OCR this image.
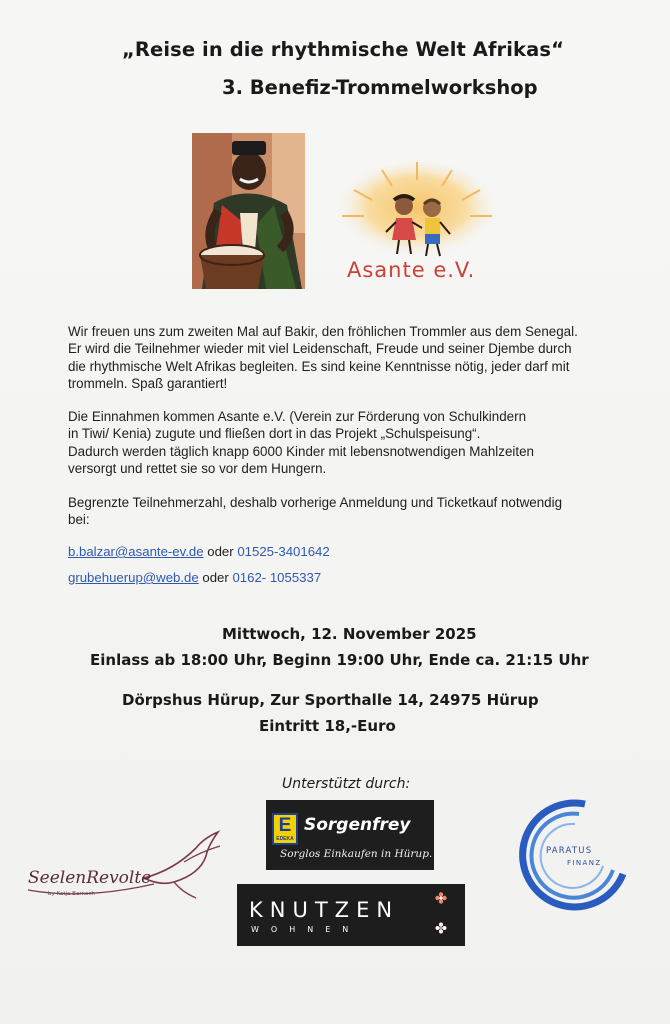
„Reise in die rhythmische Welt Afrikas“
3. Benefiz-Trommelworkshop
Asante e.V.
Wir freuen uns zum zweiten Mal auf Bakir, den fröhlichen Trommler aus dem Senegal.
Er wird die Teilnehmer wieder mit viel Leidenschaft, Freude und seiner Djembe durch
die rhythmische Welt Afrikas begleiten. Es sind keine Kenntnisse nötig, jeder darf mit
trommeln. Spaß garantiert!
Die Einnahmen kommen Asante e.V. (Verein zur Förderung von Schulkindern
in Tiwi/ Kenia) zugute und fließen dort in das Projekt „Schulspeisung“.
Dadurch werden täglich knapp 6000 Kinder mit lebensnotwendigen Mahlzeiten
versorgt und rettet sie so vor dem Hungern.
Begrenzte Teilnehmerzahl, deshalb vorherige Anmeldung und Ticketkauf notwendig
bei:
b.balzar@asante-ev.de oder 01525-3401642
grubehuerup@web.de oder 0162- 1055337
Mittwoch, 12. November 2025
Einlass ab 18:00 Uhr, Beginn 19:00 Uhr, Ende ca. 21:15 Uhr
Dörpshus Hürup, Zur Sporthalle 14, 24975 Hürup
Eintritt 18,-Euro
Unterstützt durch:
E
EDEKA
Sorgenfrey
Sorglos Einkaufen in Hürup.
KNUTZEN
WOHNEN
SeelenRevolte
by Katja Bernoch
PARATUS
FINANZ
